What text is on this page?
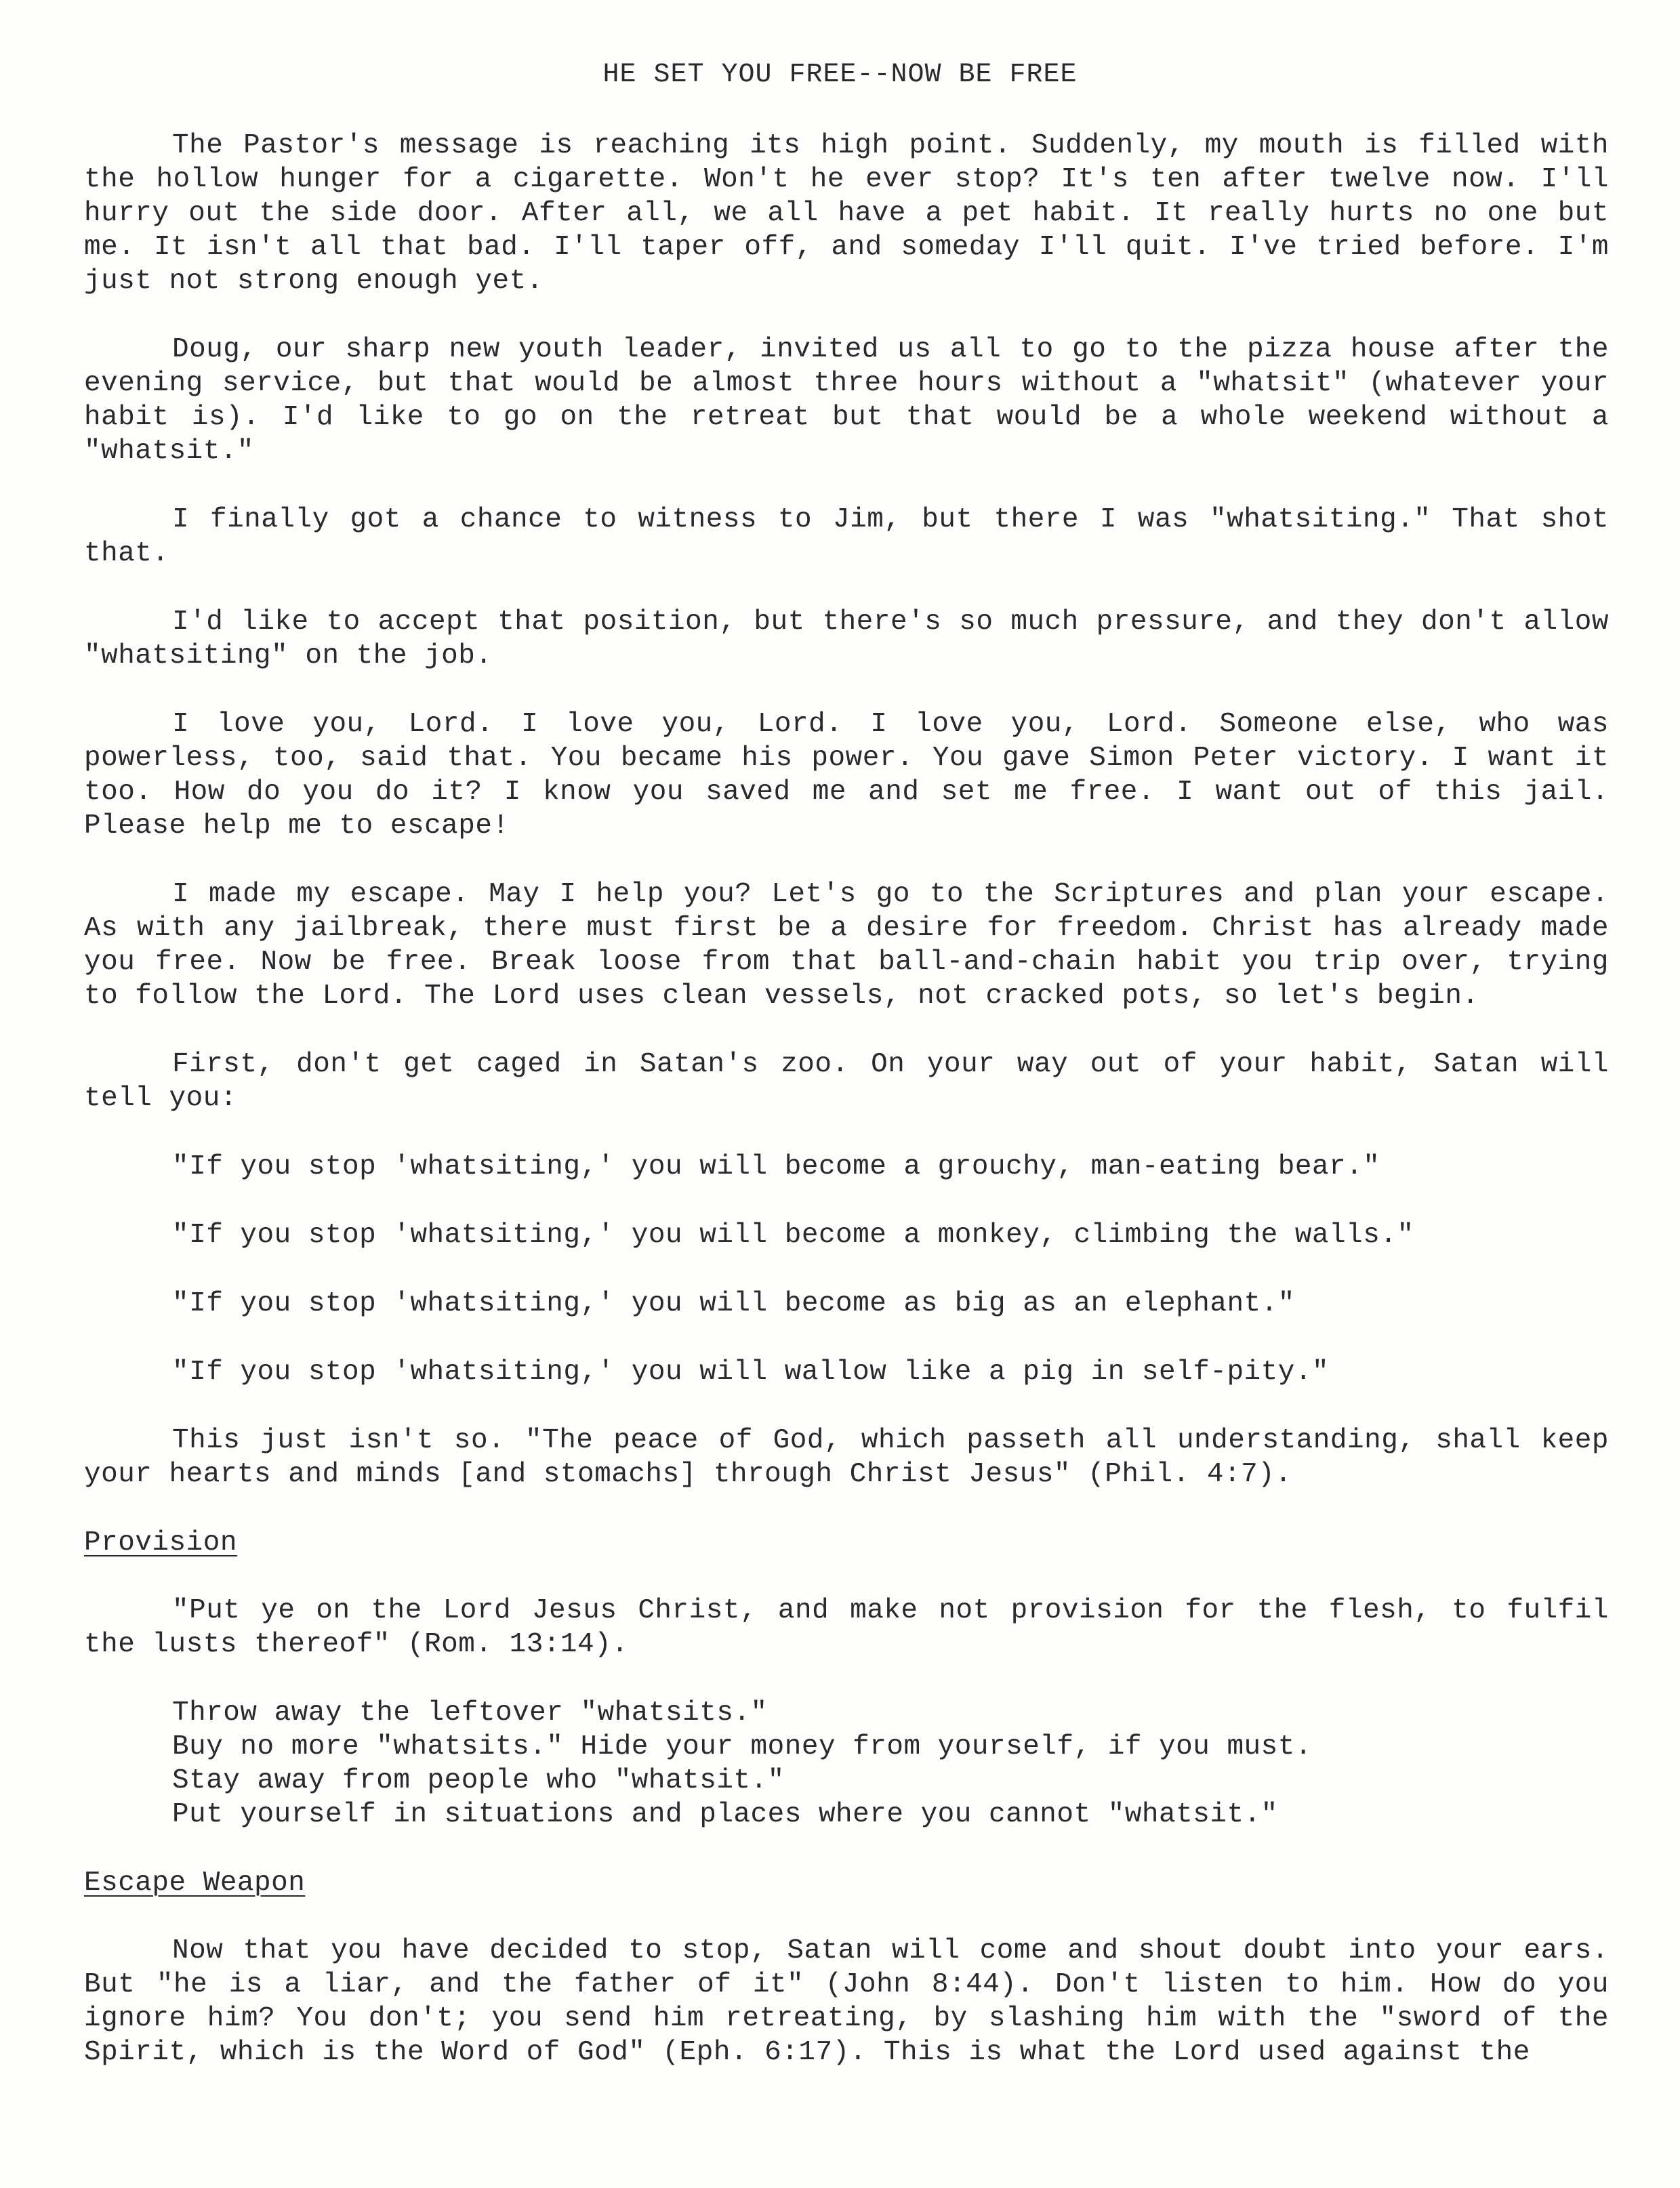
HE SET YOU FREE--NOW BE FREE

The Pastor's message is reaching its high point. Suddenly, my mouth is filled with the hollow hunger for a cigarette. Won't he ever stop? It's ten after twelve now. I'll hurry out the side door. After all, we all have a pet habit. It really hurts no one but me. It isn't all that bad. I'll taper off, and someday I'll quit. I've tried before. I'm just not strong enough yet.

Doug, our sharp new youth leader, invited us all to go to the pizza house after the evening service, but that would be almost three hours without a "whatsit" (whatever your habit is). I'd like to go on the retreat but that would be a whole weekend without a "whatsit."

I finally got a chance to witness to Jim, but there I was "whatsiting." That shot that.

I'd like to accept that position, but there's so much pressure, and they don't allow "whatsiting" on the job.

I love you, Lord. I love you, Lord. I love you, Lord. Someone else, who was powerless, too, said that. You became his power. You gave Simon Peter victory. I want it too. How do you do it? I know you saved me and set me free. I want out of this jail. Please help me to escape!

I made my escape. May I help you? Let's go to the Scriptures and plan your escape. As with any jailbreak, there must first be a desire for freedom. Christ has already made you free. Now be free. Break loose from that ball-and-chain habit you trip over, trying to follow the Lord. The Lord uses clean vessels, not cracked pots, so let's begin.

First, don't get caged in Satan's zoo. On your way out of your habit, Satan will tell you:

"If you stop 'whatsiting,' you will become a grouchy, man-eating bear."

"If you stop 'whatsiting,' you will become a monkey, climbing the walls."

"If you stop 'whatsiting,' you will become as big as an elephant."

"If you stop 'whatsiting,' you will wallow like a pig in self-pity."

This just isn't so. "The peace of God, which passeth all understanding, shall keep your hearts and minds [and stomachs] through Christ Jesus" (Phil. 4:7).

Provision

"Put ye on the Lord Jesus Christ, and make not provision for the flesh, to fulfil the lusts thereof" (Rom. 13:14).

Throw away the leftover "whatsits."
Buy no more "whatsits." Hide your money from yourself, if you must.
Stay away from people who "whatsit."
Put yourself in situations and places where you cannot "whatsit."
Escape Weapon

Now that you have decided to stop, Satan will come and shout doubt into your ears. But "he is a liar, and the father of it" (John 8:44). Don't listen to him. How do you ignore him? You don't; you send him retreating, by slashing him with the "sword of the Spirit, which is the Word of God" (Eph. 6:17). This is what the Lord used against the
